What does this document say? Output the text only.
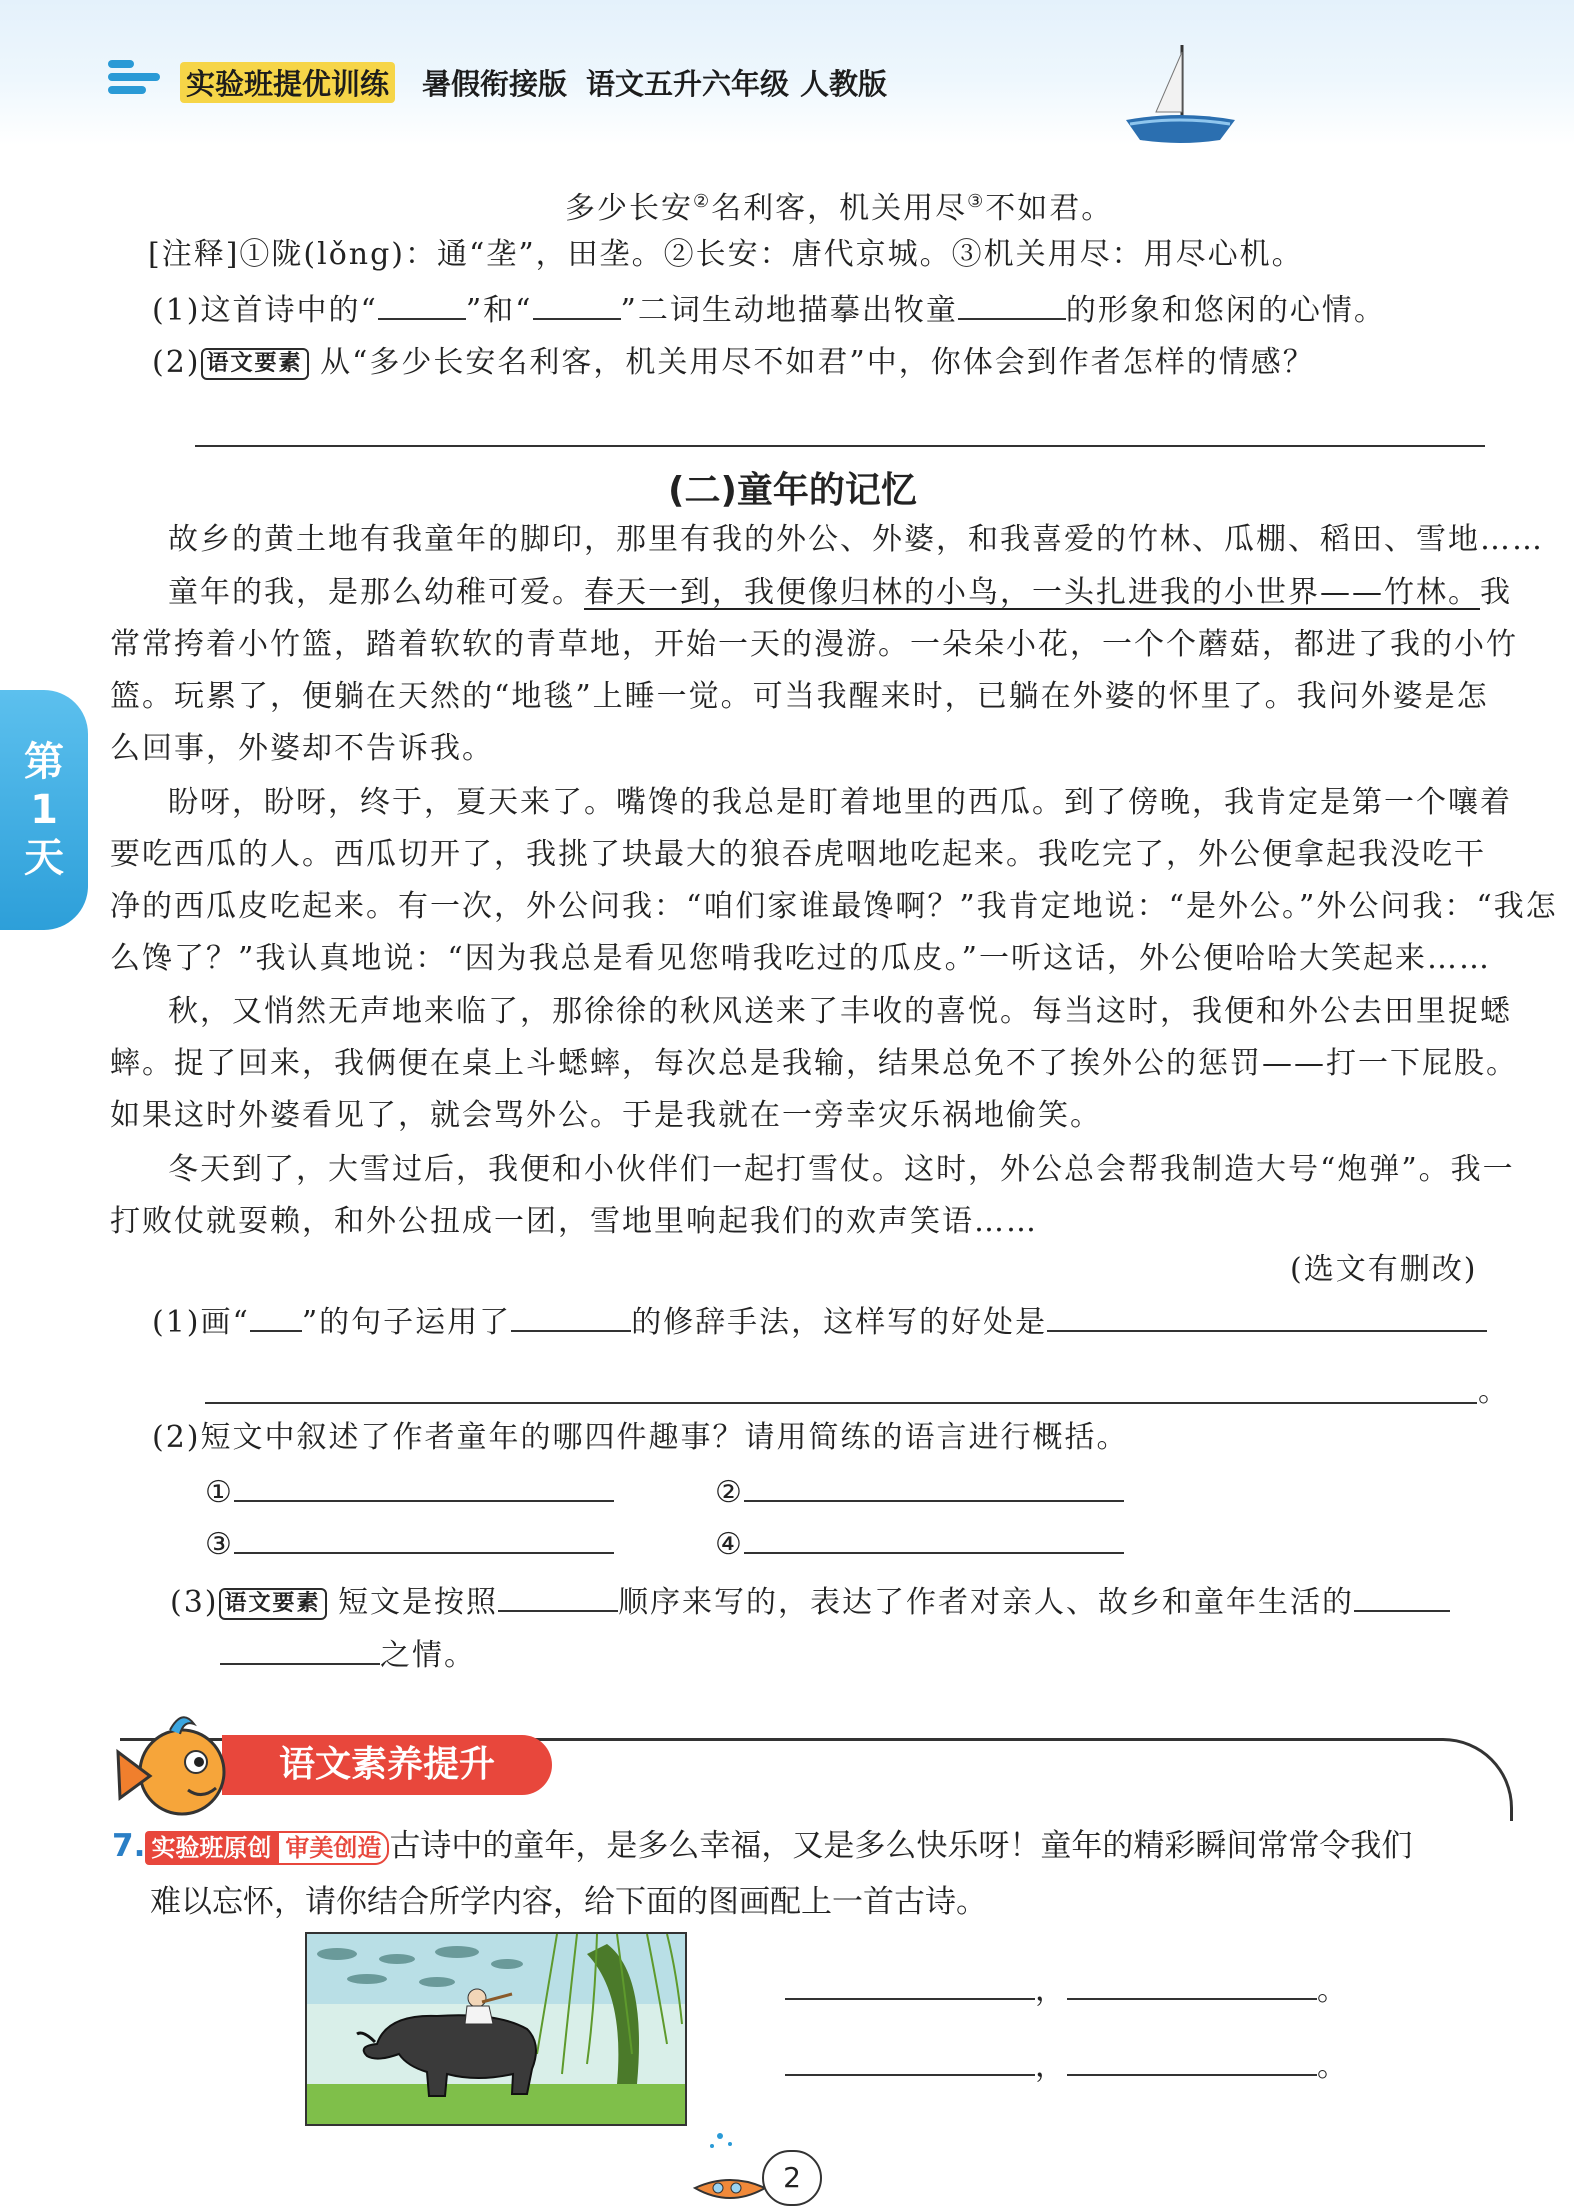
实验班提优训练 暑假衔接版 语文五升六年级 人教版
多少长安②名利客，机关用尽③不如君。
[注释]①陇(lǒng)：通“垄”，田垄。②长安：唐代京城。③机关用尽：用尽心机。
(1)这首诗中的“	”和“	”二词生动地描摹出牧童	的形象和悠闲的心情。
(2) 语文要素 从“多少长安名利客，机关用尽不如君”中，你体会到作者怎样的情感？
(二)童年的记忆
故乡的黄土地有我童年的脚印，那里有我的外公、外婆，和我喜爱的竹林、瓜棚、稻田、雪地……
童年的我，是那么幼稚可爱。春天一到，我便像归林的小鸟，一头扎进我的小世界——竹林。我
常常挎着小竹篮，踏着软软的青草地，开始一天的漫游。一朵朵小花，一个个蘑菇，都进了我的小竹
篮。玩累了，便躺在天然的“地毯”上睡一觉。可当我醒来时，已躺在外婆的怀里了。我问外婆是怎
么回事，外婆却不告诉我。
盼呀，盼呀，终于，夏天来了。嘴馋的我总是盯着地里的西瓜。到了傍晚，我肯定是第一个嚷着
要吃西瓜的人。西瓜切开了，我挑了块最大的狼吞虎咽地吃起来。我吃完了，外公便拿起我没吃干
净的西瓜皮吃起来。有一次，外公问我：“咱们家谁最馋啊？”我肯定地说：“是外公。”外公问我：“我怎
么馋了？”我认真地说：“因为我总是看见您啃我吃过的瓜皮。”一听这话，外公便哈哈大笑起来……
秋，又悄然无声地来临了，那徐徐的秋风送来了丰收的喜悦。每当这时，我便和外公去田里捉蟋
蟀。捉了回来，我俩便在桌上斗蟋蟀，每次总是我输，结果总免不了挨外公的惩罚——打一下屁股。
如果这时外婆看见了，就会骂外公。于是我就在一旁幸灾乐祸地偷笑。
冬天到了，大雪过后，我便和小伙伴们一起打雪仗。这时，外公总会帮我制造大号“炮弹”。我一
打败仗就耍赖，和外公扭成一团，雪地里响起我们的欢声笑语……
(选文有删改)
(1)画“ ”的句子运用了	的修辞手法，这样写的好处是
。
(2)短文中叙述了作者童年的哪四件趣事？请用简练的语言进行概括。
①	②
③	④
(3) 语文要素 短文是按照	顺序来写的，表达了作者对亲人、故乡和童年生活的
之情。
第
1
天
语文素养提升
7. 实验班原创 审美创造 古诗中的童年，是多么幸福，又是多么快乐呀！童年的精彩瞬间常常令我们
难以忘怀，请你结合所学内容，给下面的图画配上一首古诗。
，	。
，	。
2
